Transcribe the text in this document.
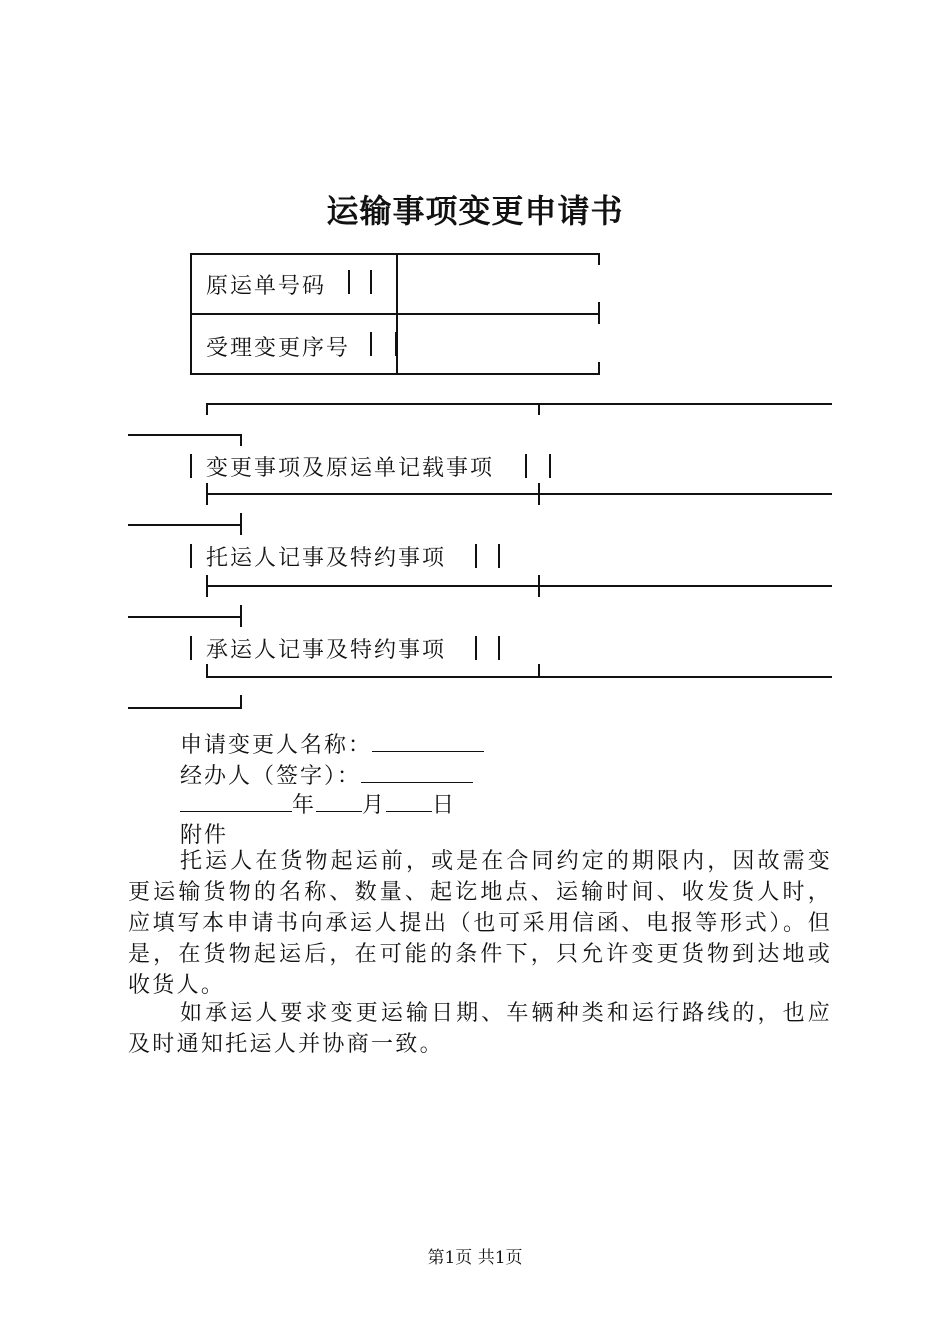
运输事项变更申请书
原运单号码
受理变更序号
变更事项及原运单记载事项
托运人记事及特约事项
承运人记事及特约事项
申请变更人名称：
经办人（签字）：
年 月 日
附件
托运人在货物起运前，或是在合同约定的期限内，因故需变更运输货物的名称、数量、起讫地点、运输时间、收发货人时，应填写本申请书向承运人提出（也可采用信函、电报等形式）。但是，在货物起运后，在可能的条件下，只允许变更货物到达地或收货人。
如承运人要求变更运输日期、车辆种类和运行路线的，也应及时通知托运人并协商一致。
第1页 共1页
